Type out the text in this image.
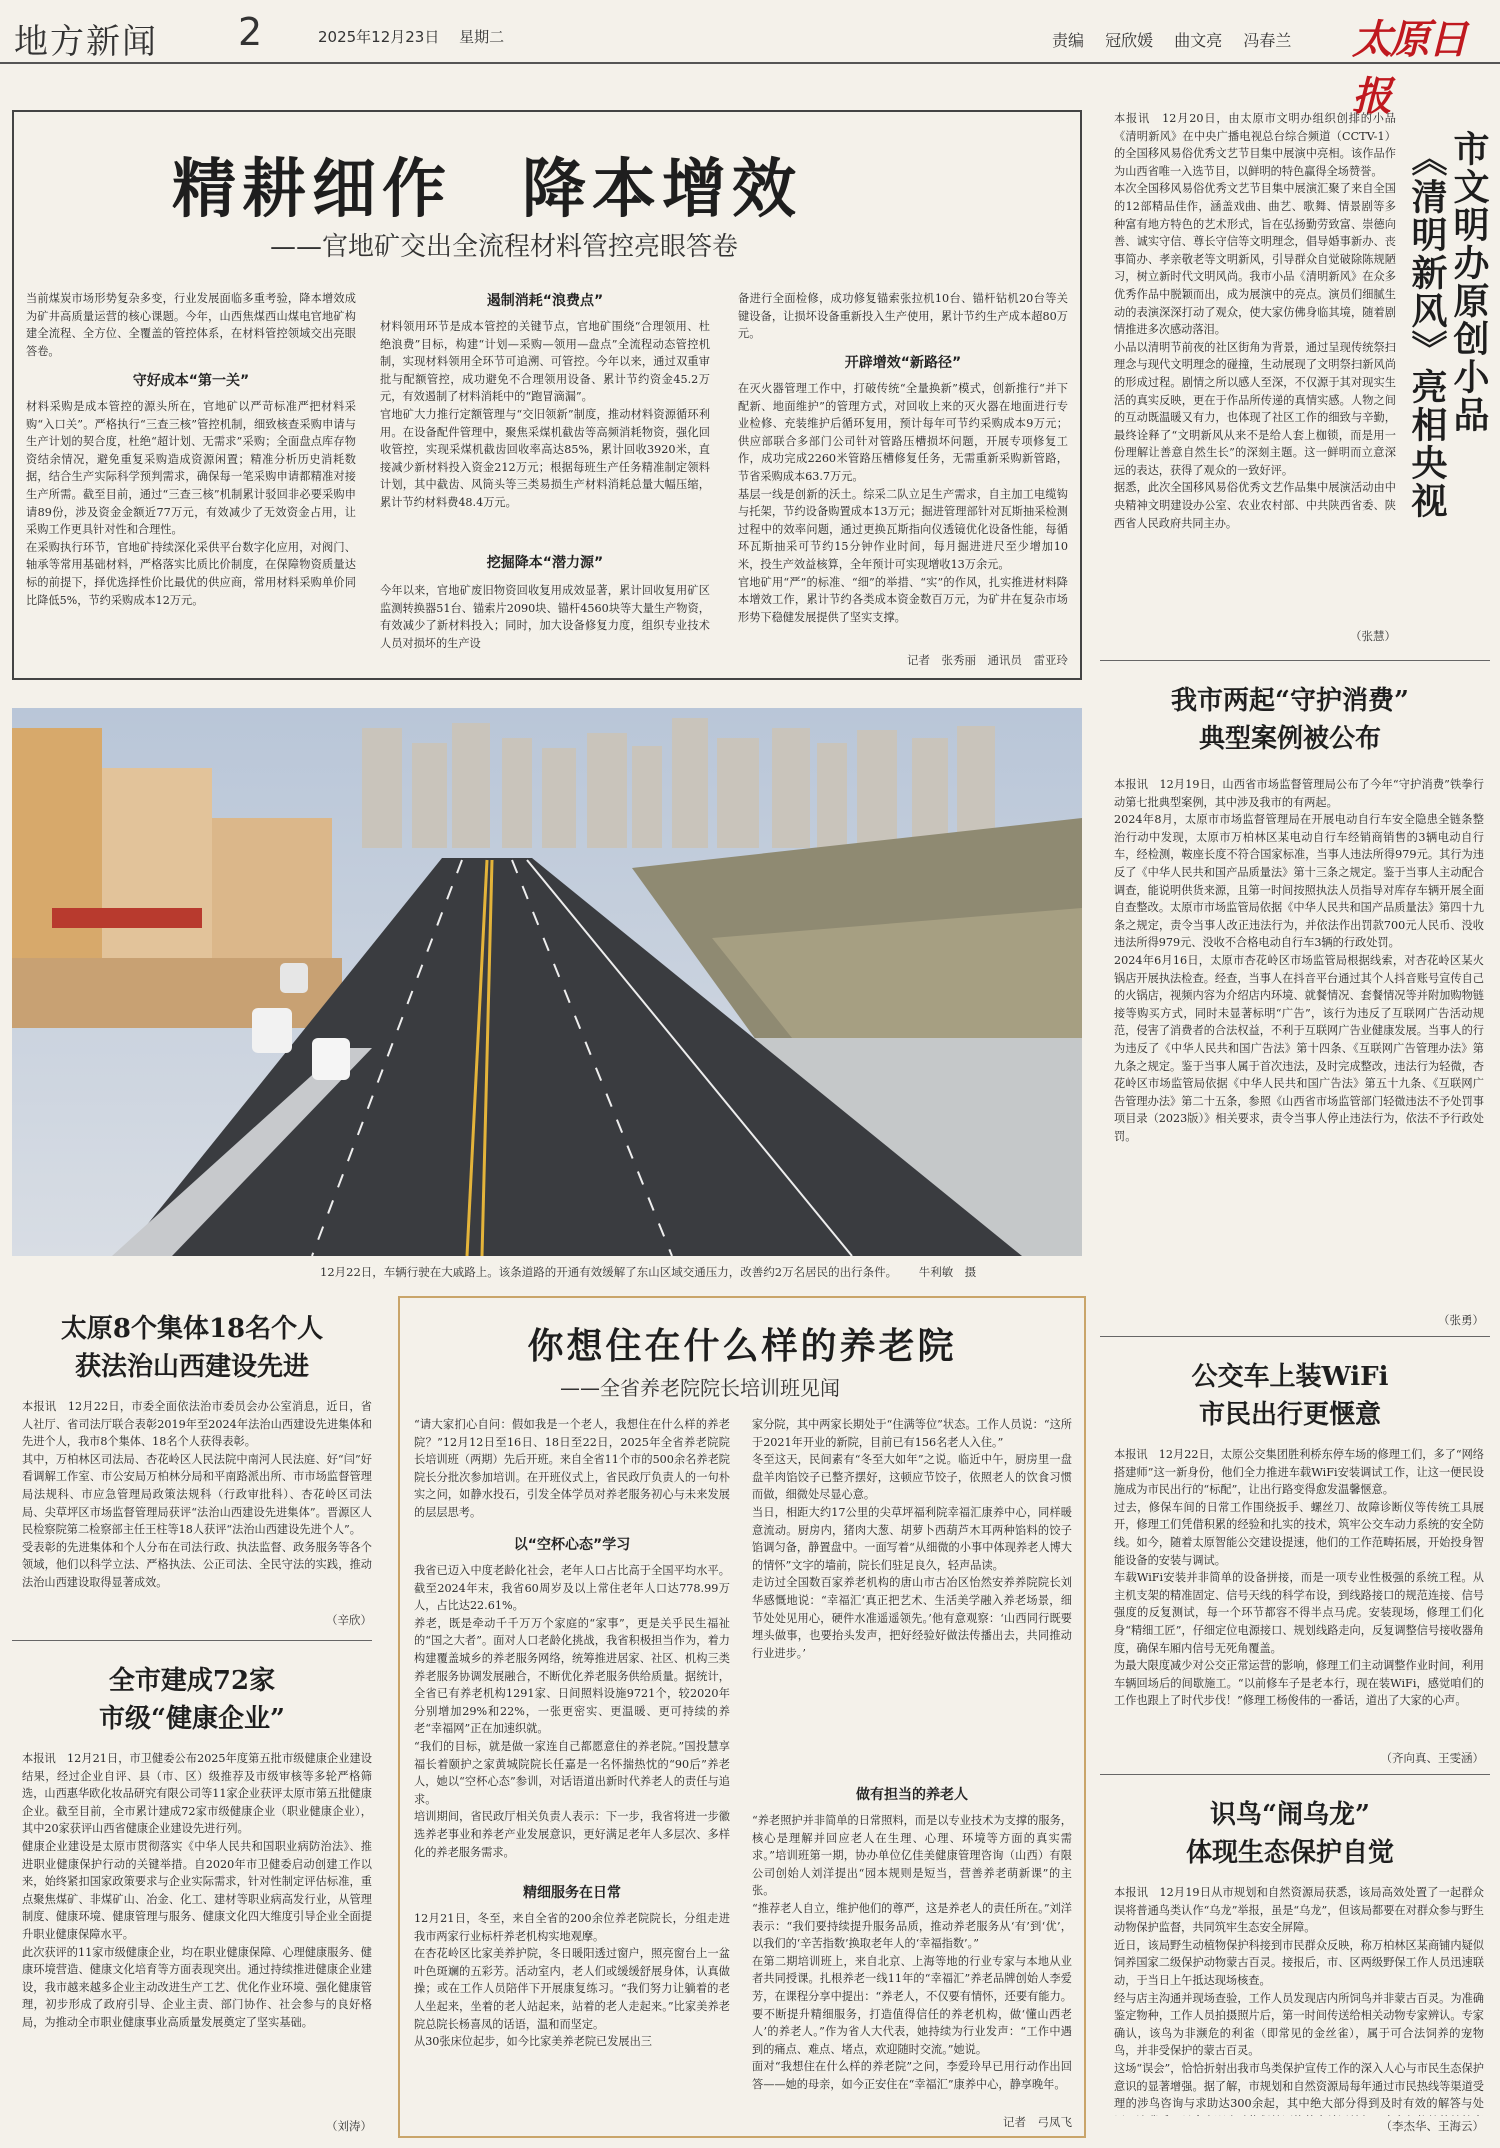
地方新闻 2	2025年12月23日　 星期二	责编 冠欣媛 曲文亮 冯春兰	太原日报
精耕细作　降本增效
——官地矿交出全流程材料管控亮眼答卷
当前煤炭市场形势复杂多变，行业发展面临多重考验，降本增效成为矿井高质量运营的核心课题。今年，山西焦煤西山煤电官地矿构建全流程、全方位、全覆盖的管控体系，在材料管控领域交出亮眼答卷。
守好成本“第一关”
材料采购是成本管控的源头所在，官地矿以严苛标准严把材料采购“入口关”。严格执行“三查三核”管控机制，细致核查采购申请与生产计划的契合度，杜绝“超计划、无需求”采购；全面盘点库存物资结余情况，避免重复采购造成资源闲置；精准分析历史消耗数据，结合生产实际科学预判需求，确保每一笔采购申请都精准对接生产所需。截至目前，通过“三查三核”机制累计驳回非必要采购申请89份，涉及资金金额近77万元，有效减少了无效资金占用，让采购工作更具针对性和合理性。
在采购执行环节，官地矿持续深化采供平台数字化应用，对阀门、轴承等常用基础材料，严格落实比质比价制度，在保障物资质量达标的前提下，择优选择性价比最优的供应商，常用材料采购单价同比降低5%，节约采购成本12万元。
遏制消耗“浪费点”
材料领用环节是成本管控的关键节点，官地矿围绕“合理领用、杜绝浪费”目标，构建“计划—采购—领用—盘点”全流程动态管控机制，实现材料领用全环节可追溯、可管控。今年以来，通过双重审批与配额管控，成功避免不合理领用设备、累计节约资金45.2万元，有效遏制了材料消耗中的“跑冒滴漏”。
官地矿大力推行定额管理与“交旧领新”制度，推动材料资源循环利用。在设备配件管理中，聚焦采煤机截齿等高频消耗物资，强化回收管控，实现采煤机截齿回收率高达85%，累计回收3920米，直接减少新材料投入资金212万元；根据每班生产任务精准制定领料计划，其中截齿、风筒头等三类易损生产材料消耗总量大幅压缩，累计节约材料费48.4万元。
挖掘降本“潜力源”
今年以来，官地矿废旧物资回收复用成效显著，累计回收复用矿区监测转换器51台、锚索片2090块、锚杆4560块等大量生产物资，有效减少了新材料投入；同时，加大设备修复力度，组织专业技术人员对损坏的生产设
备进行全面检修，成功修复锚索张拉机10台、锚杆钻机20台等关键设备，让损坏设备重新投入生产使用，累计节约生产成本超80万元。
开辟增效“新路径”
在灭火器管理工作中，打破传统“全量换新”模式，创新推行“并下配新、地面维护”的管理方式，对回收上来的灭火器在地面进行专业检修、充装维护后循环复用，预计每年可节约采购成本9万元；供应部联合多部门公司针对管路压槽损坏问题，开展专项修复工作，成功完成2260米管路压槽修复任务，无需重新采购新管路，节省采购成本63.7万元。
基层一线是创新的沃土。综采二队立足生产需求，自主加工电缆钩与托架，节约设备购置成本13万元；掘进管理部针对瓦斯抽采检测过程中的效率问题，通过更换瓦斯指向仪透镜优化设备性能，每循环瓦斯抽采可节约15分钟作业时间，每月掘进进尺至少增加10米，投生产效益核算，全年预计可实现增收13万余元。
官地矿用“严”的标准、“细”的举措、“实”的作风，扎实推进材料降本增效工作，累计节约各类成本资金数百万元，为矿井在复杂市场形势下稳健发展提供了坚实支撑。
记者　张秀丽　通讯员　雷亚玲
本报讯　12月20日，由太原市文明办组织创排的小品《清明新风》在中央广播电视总台综合频道（CCTV-1）的全国移风易俗优秀文艺节目集中展演中亮相。该作品作为山西省唯一入选节目，以鲜明的特色赢得全场赞誉。
本次全国移风易俗优秀文艺节目集中展演汇聚了来自全国的12部精品佳作，涵盖戏曲、曲艺、歌舞、情景剧等多种富有地方特色的艺术形式，旨在弘扬勤劳致富、崇德向善、诚实守信、尊长守信等文明理念，倡导婚事新办、丧事简办、孝亲敬老等文明新风，引导群众自觉破除陈规陋习，树立新时代文明风尚。我市小品《清明新风》在众多优秀作品中脱颖而出，成为展演中的亮点。演员们细腻生动的表演深深打动了观众，使大家仿佛身临其境，随着剧情推进多次感动落泪。
小品以清明节前夜的社区街角为背景，通过呈现传统祭扫理念与现代文明理念的碰撞，生动展现了文明祭扫新风尚的形成过程。剧情之所以感人至深，不仅源于其对现实生活的真实反映，更在于作品所传递的真情实感。人物之间的互动既温暖又有力，也体现了社区工作的细致与辛勤，最终诠释了“文明新风从来不是给人套上枷锁，而是用一份理解让善意自然生长”的深刻主题。这一鲜明而立意深远的表达，获得了观众的一致好评。
据悉，此次全国移风易俗优秀文艺作品集中展演活动由中央精神文明建设办公室、农业农村部、中共陕西省委、陕西省人民政府共同主办。
（张慧）
市文明办原创小品
《清明新风》亮相央视
我市两起“守护消费”
典型案例被公布
本报讯　12月19日，山西省市场监督管理局公布了今年“守护消费”铁拳行动第七批典型案例，其中涉及我市的有两起。
2024年8月，太原市市场监督管理局在开展电动自行车安全隐患全链条整治行动中发现，太原市万柏林区某电动自行车经销商销售的3辆电动自行车，经检测，鞍座长度不符合国家标准，当事人违法所得979元。其行为违反了《中华人民共和国产品质量法》第十三条之规定。鉴于当事人主动配合调查，能说明供货来源，且第一时间按照执法人员指导对库存车辆开展全面自查整改。太原市市场监管局依据《中华人民共和国产品质量法》第四十九条之规定，责令当事人改正违法行为，并依法作出罚款700元人民币、没收违法所得979元、没收不合格电动自行车3辆的行政处罚。
2024年6月16日，太原市杏花岭区市场监管局根据线索，对杏花岭区某火锅店开展执法检查。经查，当事人在抖音平台通过其个人抖音账号宣传自己的火锅店，视频内容为介绍店内环境、就餐情况、套餐情况等并附加购物链接等购买方式，同时未显著标明“广告”，该行为违反了互联网广告活动规范，侵害了消费者的合法权益，不利于互联网广告业健康发展。当事人的行为违反了《中华人民共和国广告法》第十四条、《互联网广告管理办法》第九条之规定。鉴于当事人属于首次违法，及时完成整改，违法行为轻微，杏花岭区市场监管局依据《中华人民共和国广告法》第五十九条、《互联网广告管理办法》第二十五条，参照《山西省市场监管部门轻微违法不予处罚事项目录（2023版）》相关要求，责令当事人停止违法行为，依法不予行政处罚。
（张勇）
公交车上装WiFi
市民出行更惬意
本报讯　12月22日，太原公交集团胜利桥东停车场的修理工们，多了“网络搭建师”这一新身份，他们全力推进车载WiFi安装调试工作，让这一便民设施成为市民出行的“标配”，让出行路变得愈发温馨惬意。
过去，修保车间的日常工作围绕扳手、螺丝刀、故障诊断仪等传统工具展开，修理工们凭借积累的经验和扎实的技术，筑牢公交车动力系统的安全防线。如今，随着太原智能公交建设提速，他们的工作范畴拓展，开始投身智能设备的安装与调试。
车载WiFi安装并非简单的设备拼接，而是一项专业性极强的系统工程。从主机支架的精准固定、信号天线的科学布设，到线路接口的规范连接、信号强度的反复测试，每一个环节都容不得半点马虎。安装现场，修理工们化身“精细工匠”，仔细定位电源接口、规划线路走向，反复调整信号接收器角度，确保车厢内信号无死角覆盖。
为最大限度减少对公交正常运营的影响，修理工们主动调整作业时间，利用车辆回场后的间歇施工。“以前修车子是老本行，现在装WiFi，感觉咱们的工作也跟上了时代步伐！”修理工杨俊伟的一番话，道出了大家的心声。
（齐向真、王雯涵）
识鸟“闹乌龙”
体现生态保护自觉
本报讯　12月19日从市规划和自然资源局获悉，该局高效处置了一起群众误将普通鸟类认作“乌龙”举报，虽是“乌龙”，但该局都要在对群众参与野生动物保护监督，共同筑牢生态安全屏障。
近日，该局野生动植物保护科接到市民群众反映，称万柏林区某商铺内疑似饲养国家二级保护动物蒙古百灵。接报后，市、区两级野保工作人员迅速联动，于当日上午抵达现场核查。
经与店主沟通并现场查验，工作人员发现店内所饲鸟并非蒙古百灵。为准确鉴定物种，工作人员拍摄照片后，第一时间传送给相关动物专家辨认。专家确认，该鸟为非濒危的利雀（即常见的金丝雀），属于可合法饲养的宠物鸟，并非受保护的蒙古百灵。
这场“误会”，恰恰折射出我市鸟类保护宣传工作的深入人心与市民生态保护意识的显著增强。据了解，市规划和自然资源局每年通过市民热线等渠道受理的涉鸟咨询与求助达300余起，其中绝大部分得到及时有效的解答与处
（李杰华、王海云）
12月22日，车辆行驶在大戚路上。该条道路的开通有效缓解了东山区域交通压力，改善约2万名居民的出行条件。 牛利敏　摄
太原8个集体18名个人
获法治山西建设先进
本报讯　12月22日，市委全面依法治市委员会办公室消息，近日，省人社厅、省司法厅联合表彰2019年至2024年法治山西建设先进集体和先进个人，我市8个集体、18名个人获得表彰。
其中，万柏林区司法局、杏花岭区人民法院中南河人民法庭、好“闫”好看调解工作室、市公安局万柏林分局和平南路派出所、市市场监督管理局法规科、市应急管理局政策法规科（行政审批科）、杏花岭区司法局、尖草坪区市场监督管理局获评“法治山西建设先进集体”。晋源区人民检察院第二检察部主任王柱等18人获评“法治山西建设先进个人”。
受表彰的先进集体和个人分布在司法行政、执法监督、政务服务等各个领域，他们以科学立法、严格执法、公正司法、全民守法的实践，推动法治山西建设取得显著成效。
（辛欣）
全市建成72家
市级“健康企业”
本报讯　12月21日，市卫健委公布2025年度第五批市级健康企业建设结果，经过企业自评、县（市、区）级推荐及市级审核等多轮严格筛选，山西惠华欧化妆品研究有限公司等11家企业获评太原市第五批健康企业。截至目前，全市累计建成72家市级健康企业（职业健康企业），其中20家获评山西省健康企业建设先进行列。
健康企业建设是太原市贯彻落实《中华人民共和国职业病防治法》、推进职业健康保护行动的关键举措。自2020年市卫健委启动创建工作以来，始终紧扣国家政策要求与企业实际需求，针对性制定评估标准，重点聚焦煤矿、非煤矿山、冶金、化工、建材等职业病高发行业，从管理制度、健康环境、健康管理与服务、健康文化四大维度引导企业全面提升职业健康保障水平。
此次获评的11家市级健康企业，均在职业健康保障、心理健康服务、健康环境营造、健康文化培育等方面表现突出。通过持续推进健康企业建设，我市越来越多企业主动改进生产工艺、优化作业环境、强化健康管理，初步形成了政府引导、企业主责、部门协作、社会参与的良好格局，为推动全市职业健康事业高质量发展奠定了坚实基础。
（刘涛）
你想住在什么样的养老院
——全省养老院院长培训班见闻
“请大家扪心自问：假如我是一个老人，我想住在什么样的养老院？”12月12日至16日、18日至22日，2025年全省养老院院长培训班（两期）先后开班。来自全省11个市的500余名养老院院长分批次参加培训。在开班仪式上，省民政厅负责人的一句朴实之问，如静水投石，引发全体学员对养老服务初心与未来发展的层层思考。
以“空杯心态”学习
我省已迈入中度老龄化社会，老年人口占比高于全国平均水平。截至2024年末，我省60周岁及以上常住老年人口达778.99万人，占比达22.61%。
养老，既是牵动千千万万个家庭的“家事”，更是关乎民生福祉的“国之大者”。面对人口老龄化挑战，我省积极担当作为，着力构建覆盖城乡的养老服务网络，统筹推进居家、社区、机构三类养老服务协调发展融合，不断优化养老服务供给质量。据统计，全省已有养老机构1291家、日间照料设施9721个，较2020年分别增加29%和22%，一张更密实、更温暖、更可持续的养老“幸福网”正在加速织就。
“我们的目标，就是做一家连自己都愿意住的养老院。”国投慧享福长着颐护之家黄城院院长任嘉是一名怀揣热忱的“90后”养老人，她以“空杯心态”参训，对话语道出新时代养老人的责任与追求。
培训期间，省民政厅相关负责人表示：下一步，我省将进一步徽选养老事业和养老产业发展意识，更好满足老年人多层次、多样化的养老服务需求。
精细服务在日常
12月21日，冬至，来自全省的200余位养老院院长，分组走进我市两家行业标杆养老机构实地观摩。
在杏花岭区比家美养护院，冬日暖阳透过窗户，照亮窗台上一盆叶色斑斓的五彩芳。活动室内，老人们或缓缓舒展身体，认真做操；或在工作人员陪伴下开展康复练习。“我们努力让躺着的老人坐起来，坐着的老人站起来，站着的老人走起来。”比家美养老院总院长杨喜凤的话语，温和而坚定。
从30张床位起步，如今比家美养老院已发展出三
家分院，其中两家长期处于“住满等位”状态。工作人员说：“这所于2021年开业的新院，目前已有156名老人入住。”
冬至这天，民间素有“冬至大如年”之说。临近中午，厨房里一盘盘羊肉馅饺子已整齐摆好，这顿应节饺子，依照老人的饮食习惯而做，细微处尽显心意。
当日，相距大约17公里的尖草坪福利院幸福汇康养中心，同样暖意流动。厨房内，猪肉大葱、胡萝卜西葫芦木耳两种馅料的饺子馅调匀备，静置盘中。一面写着“从细微的小事中体现养老人博大的情怀”文字的墙前，院长们驻足良久，轻声品读。
走访过全国数百家养老机构的唐山市古冶区怡然安养养院院长刘华感慨地说：“幸福汇‘真正把艺术、生活美学融入养老场景，细节处处见用心，硬件水准遥遥领先。’他有意观察：‘山西同行既要埋头做事，也要抬头发声，把好经验好做法传播出去，共同推动行业进步。’
做有担当的养老人
“养老照护并非简单的日常照料，而是以专业技术为支撑的服务，核心是理解并回应老人在生理、心理、环境等方面的真实需求。”培训班第一期，协办单位亿佳美健康管理咨询（山西）有限公司创始人刘洋提出“园本规则是短当，营善养老萌新课”的主张。
“推荐老人自立，维护他们的尊严，这是养老人的责任所在。”刘洋表示：“我们要持续提升服务品质，推动养老服务从‘有’到‘优’，以我们的‘辛苦指数’换取老年人的‘幸福指数’。”
在第二期培训班上，来自北京、上海等地的行业专家与本地从业者共同授课。扎根养老一线11年的“幸福汇”养老品牌创始人李爱芳，在课程分享中提出：“养老人，不仅要有情怀，还要有能力。要不断提升精细服务，打造值得信任的养老机构，做‘懂山西老人’的养老人。”作为省人大代表，她持续为行业发声：“工作中遇到的痛点、难点、堵点，欢迎随时交流。”她说。
面对“我想住在什么样的养老院”之问，李爱玲早已用行动作出回答——她的母亲，如今正安住在“幸福汇”康养中心，静享晚年。
记者　弓凤飞
